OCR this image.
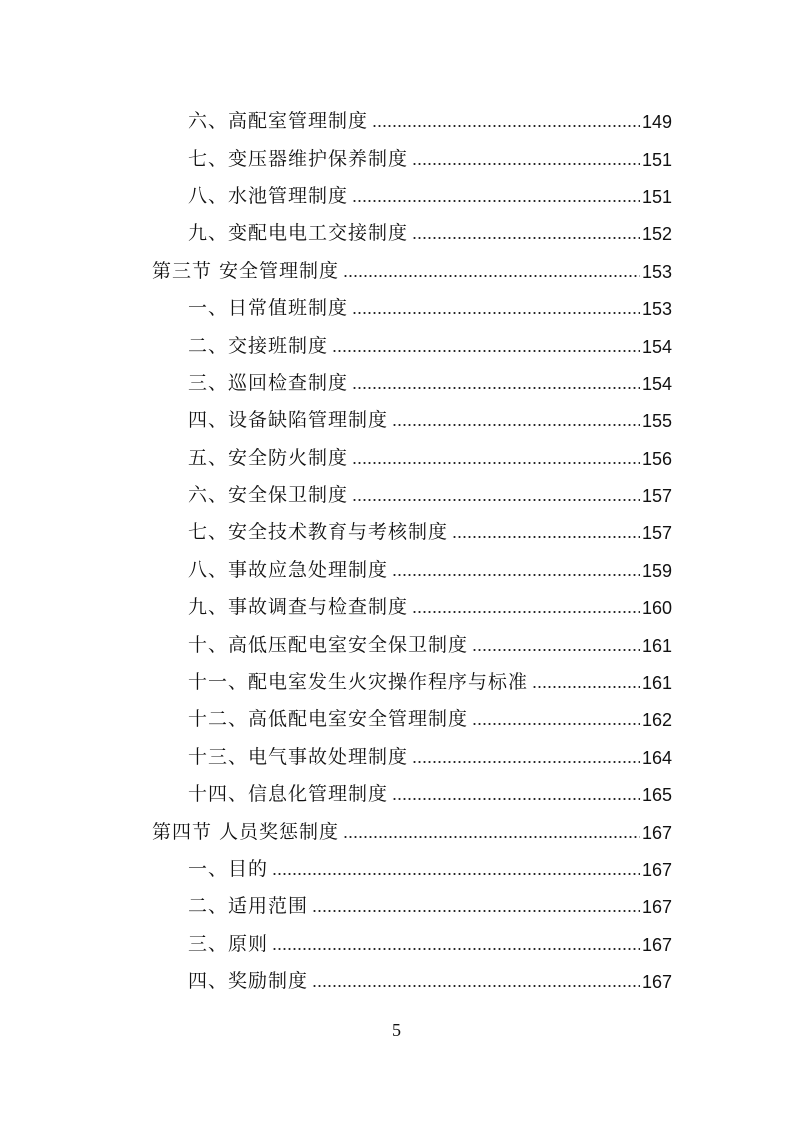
六、高配室管理制度	149
七、变压器维护保养制度	151
八、水池管理制度	151
九、变配电电工交接制度	152
第三节 安全管理制度	153
一、日常值班制度	153
二、交接班制度	154
三、巡回检查制度	154
四、设备缺陷管理制度	155
五、安全防火制度	156
六、安全保卫制度	157
七、安全技术教育与考核制度	157
八、事故应急处理制度	159
九、事故调查与检查制度	160
十、高低压配电室安全保卫制度	161
十一、配电室发生火灾操作程序与标准	161
十二、高低配电室安全管理制度	162
十三、电气事故处理制度	164
十四、信息化管理制度	165
第四节 人员奖惩制度	167
一、目的	167
二、适用范围	167
三、原则	167
四、奖励制度	167
5
